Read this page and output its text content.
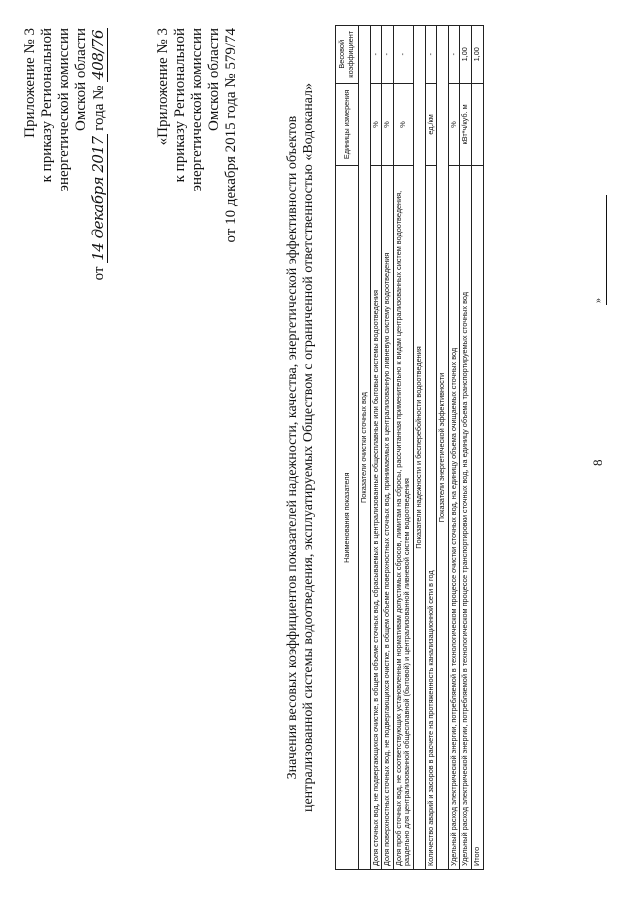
8
Приложение № 3 к приказу Региональной энергетической комиссии Омской области
от 14 декабря 2017 года № 408/76	«Приложение № 3 к приказу Региональной энергетической комиссии Омской области от 10 декабря 2015 года № 579/74	Значения весовых коэффициентов показателей надежности, качества, энергетической эффективности объектов централизованной системы водоотведения, эксплуатируемых Обществом с ограниченной ответственностью «Водоканал»	Наименования показателя	Единицы измерения	Весовой коэффициент
Показатели очистки сточных вод		
Доля сточных вод, не подвергающихся очистке, в общем объеме сточных вод, сбрасываемых в централизованные общесплавные или бытовые системы водоотведения	%	-
Доля поверхностных сточных вод, не подвергающихся очистке, в общем объеме поверхностных сточных вод, принимаемых в централизованную ливневую систему водоотведения	%	-
Доля проб сточных вод, не соответствующих установленным нормативам допустимых сбросов, лимитам на сбросы, рассчитанная применительно к видам централизованных систем водоотведения, раздельно для централизованной общесплавной (бытовой) и централизованной ливневой систем водоотведения	%	-
Показатели надежности и бесперебойности водоотведения		
Количество аварий и засоров в расчете на протяженность канализационной сети в год	ед./км	-
Показатели энергетической эффективности		
Удельный расход электрической энергии, потребляемой в технологическом процессе очистки сточных вод, на единицу объема очищаемых сточных вод	%	-
Удельный расход электрической энергии, потребляемой в технологическом процессе транспортировки сточных вод, на единицу объема транспортируемых сточных вод	кВт*ч/куб. м	1,00
Итого		1,00
»
